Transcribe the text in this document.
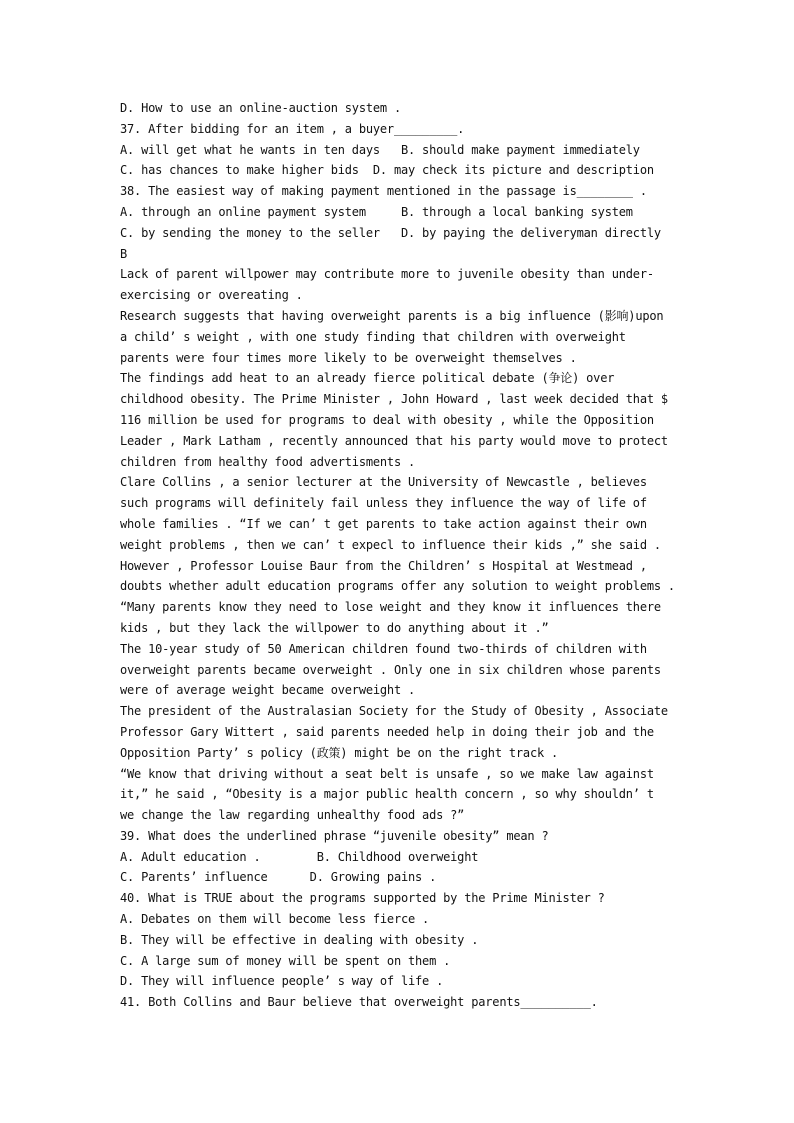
D. How to use an online-auction system .
37. After bidding for an item , a buyer_________.
A. will get what he wants in ten days   B. should make payment immediately
C. has chances to make higher bids  D. may check its picture and description
38. The easiest way of making payment mentioned in the passage is________ .
A. through an online payment system     B. through a local banking system
C. by sending the money to the seller   D. by paying the deliveryman directly
B
Lack of parent willpower may contribute more to juvenile obesity than under-
exercising or overeating .
Research suggests that having overweight parents is a big influence (影响)upon
a child’ s weight , with one study finding that children with overweight
parents were four times more likely to be overweight themselves .
The findings add heat to an already fierce political debate (争论) over
childhood obesity. The Prime Minister , John Howard , last week decided that $
116 million be used for programs to deal with obesity , while the Opposition
Leader , Mark Latham , recently announced that his party would move to protect
children from healthy food advertisments .
Clare Collins , a senior lecturer at the University of Newcastle , believes
such programs will definitely fail unless they influence the way of life of
whole families . “If we can’ t get parents to take action against their own
weight problems , then we can’ t expecl to influence their kids ,” she said .
However , Professor Louise Baur from the Children’ s Hospital at Westmead ,
doubts whether adult education programs offer any solution to weight problems .
“Many parents know they need to lose weight and they know it influences there
kids , but they lack the willpower to do anything about it .”
The 10-year study of 50 American children found two-thirds of children with
overweight parents became overweight . Only one in six children whose parents
were of average weight became overweight .
The president of the Australasian Society for the Study of Obesity , Associate
Professor Gary Wittert , said parents needed help in doing their job and the
Opposition Party’ s policy (政策) might be on the right track .
“We know that driving without a seat belt is unsafe , so we make law against
it,” he said , “Obesity is a major public health concern , so why shouldn’ t
we change the law regarding unhealthy food ads ?”
39. What does the underlined phrase “juvenile obesity” mean ?
A. Adult education .        B. Childhood overweight
C. Parents’ influence      D. Growing pains .
40. What is TRUE about the programs supported by the Prime Minister ?
A. Debates on them will become less fierce .
B. They will be effective in dealing with obesity .
C. A large sum of money will be spent on them .
D. They will influence people’ s way of life .
41. Both Collins and Baur believe that overweight parents__________.
